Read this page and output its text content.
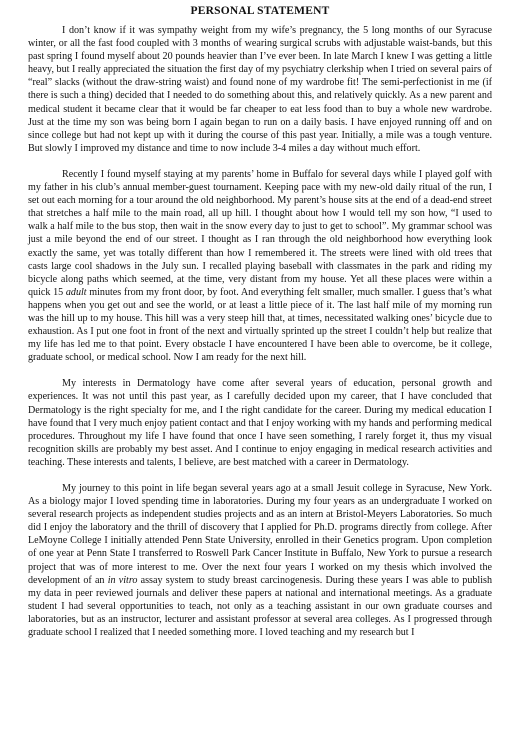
PERSONAL STATEMENT

I don’t know if it was sympathy weight from my wife’s pregnancy, the 5 long months of our Syracuse winter, or all the fast food coupled with 3 months of wearing surgical scrubs with adjustable waist-bands, but this past spring I found myself about 20 pounds heavier than I’ve ever been. In late March I knew I was getting a little heavy, but I really appreciated the situation the first day of my psychiatry clerkship when I tried on several pairs of “real” slacks (without the draw-string waist) and found none of my wardrobe fit! The semi-perfectionist in me (if there is such a thing) decided that I needed to do something about this, and relatively quickly. As a new parent and medical student it became clear that it would be far cheaper to eat less food than to buy a whole new wardrobe. Just at the time my son was being born I again began to run on a daily basis. I have enjoyed running off and on since college but had not kept up with it during the course of this past year. Initially, a mile was a tough venture. But slowly I improved my distance and time to now include 3-4 miles a day without much effort.

Recently I found myself staying at my parents’ home in Buffalo for several days while I played golf with my father in his club’s annual member-guest tournament. Keeping pace with my new-old daily ritual of the run, I set out each morning for a tour around the old neighborhood. My parent’s house sits at the end of a dead-end street that stretches a half mile to the main road, all up hill. I thought about how I would tell my son how, “I used to walk a half mile to the bus stop, then wait in the snow every day to just to get to school”. My grammar school was just a mile beyond the end of our street. I thought as I ran through the old neighborhood how everything look exactly the same, yet was totally different than how I remembered it. The streets were lined with old trees that casts large cool shadows in the July sun. I recalled playing baseball with classmates in the park and riding my bicycle along paths which seemed, at the time, very distant from my house. Yet all these places were within a quick 15 adult minutes from my front door, by foot. And everything felt smaller, much smaller. I guess that’s what happens when you get out and see the world, or at least a little piece of it. The last half mile of my morning run was the hill up to my house. This hill was a very steep hill that, at times, necessitated walking ones’ bicycle due to exhaustion. As I put one foot in front of the next and virtually sprinted up the street I couldn’t help but realize that my life has led me to that point. Every obstacle I have encountered I have been able to overcome, be it college, graduate school, or medical school. Now I am ready for the next hill.

My interests in Dermatology have come after several years of education, personal growth and experiences. It was not until this past year, as I carefully decided upon my career, that I have concluded that Dermatology is the right specialty for me, and I the right candidate for the career. During my medical education I have found that I very much enjoy patient contact and that I enjoy working with my hands and performing medical procedures. Throughout my life I have found that once I have seen something, I rarely forget it, thus my visual recognition skills are probably my best asset. And I continue to enjoy engaging in medical research activities and teaching. These interests and talents, I believe, are best matched with a career in Dermatology.

My journey to this point in life began several years ago at a small Jesuit college in Syracuse, New York. As a biology major I loved spending time in laboratories. During my four years as an undergraduate I worked on several research projects as independent studies projects and as an intern at Bristol-Meyers Laboratories. So much did I enjoy the laboratory and the thrill of discovery that I applied for Ph.D. programs directly from college. After LeMoyne College I initially attended Penn State University, enrolled in their Genetics program. Upon completion of one year at Penn State I transferred to Roswell Park Cancer Institute in Buffalo, New York to pursue a research project that was of more interest to me. Over the next four years I worked on my thesis which involved the development of an in vitro assay system to study breast carcinogenesis. During these years I was able to publish my data in peer reviewed journals and deliver these papers at national and international meetings. As a graduate student I had several opportunities to teach, not only as a teaching assistant in our own graduate courses and laboratories, but as an instructor, lecturer and assistant professor at several area colleges. As I progressed through graduate school I realized that I needed something more. I loved teaching and my research but I
